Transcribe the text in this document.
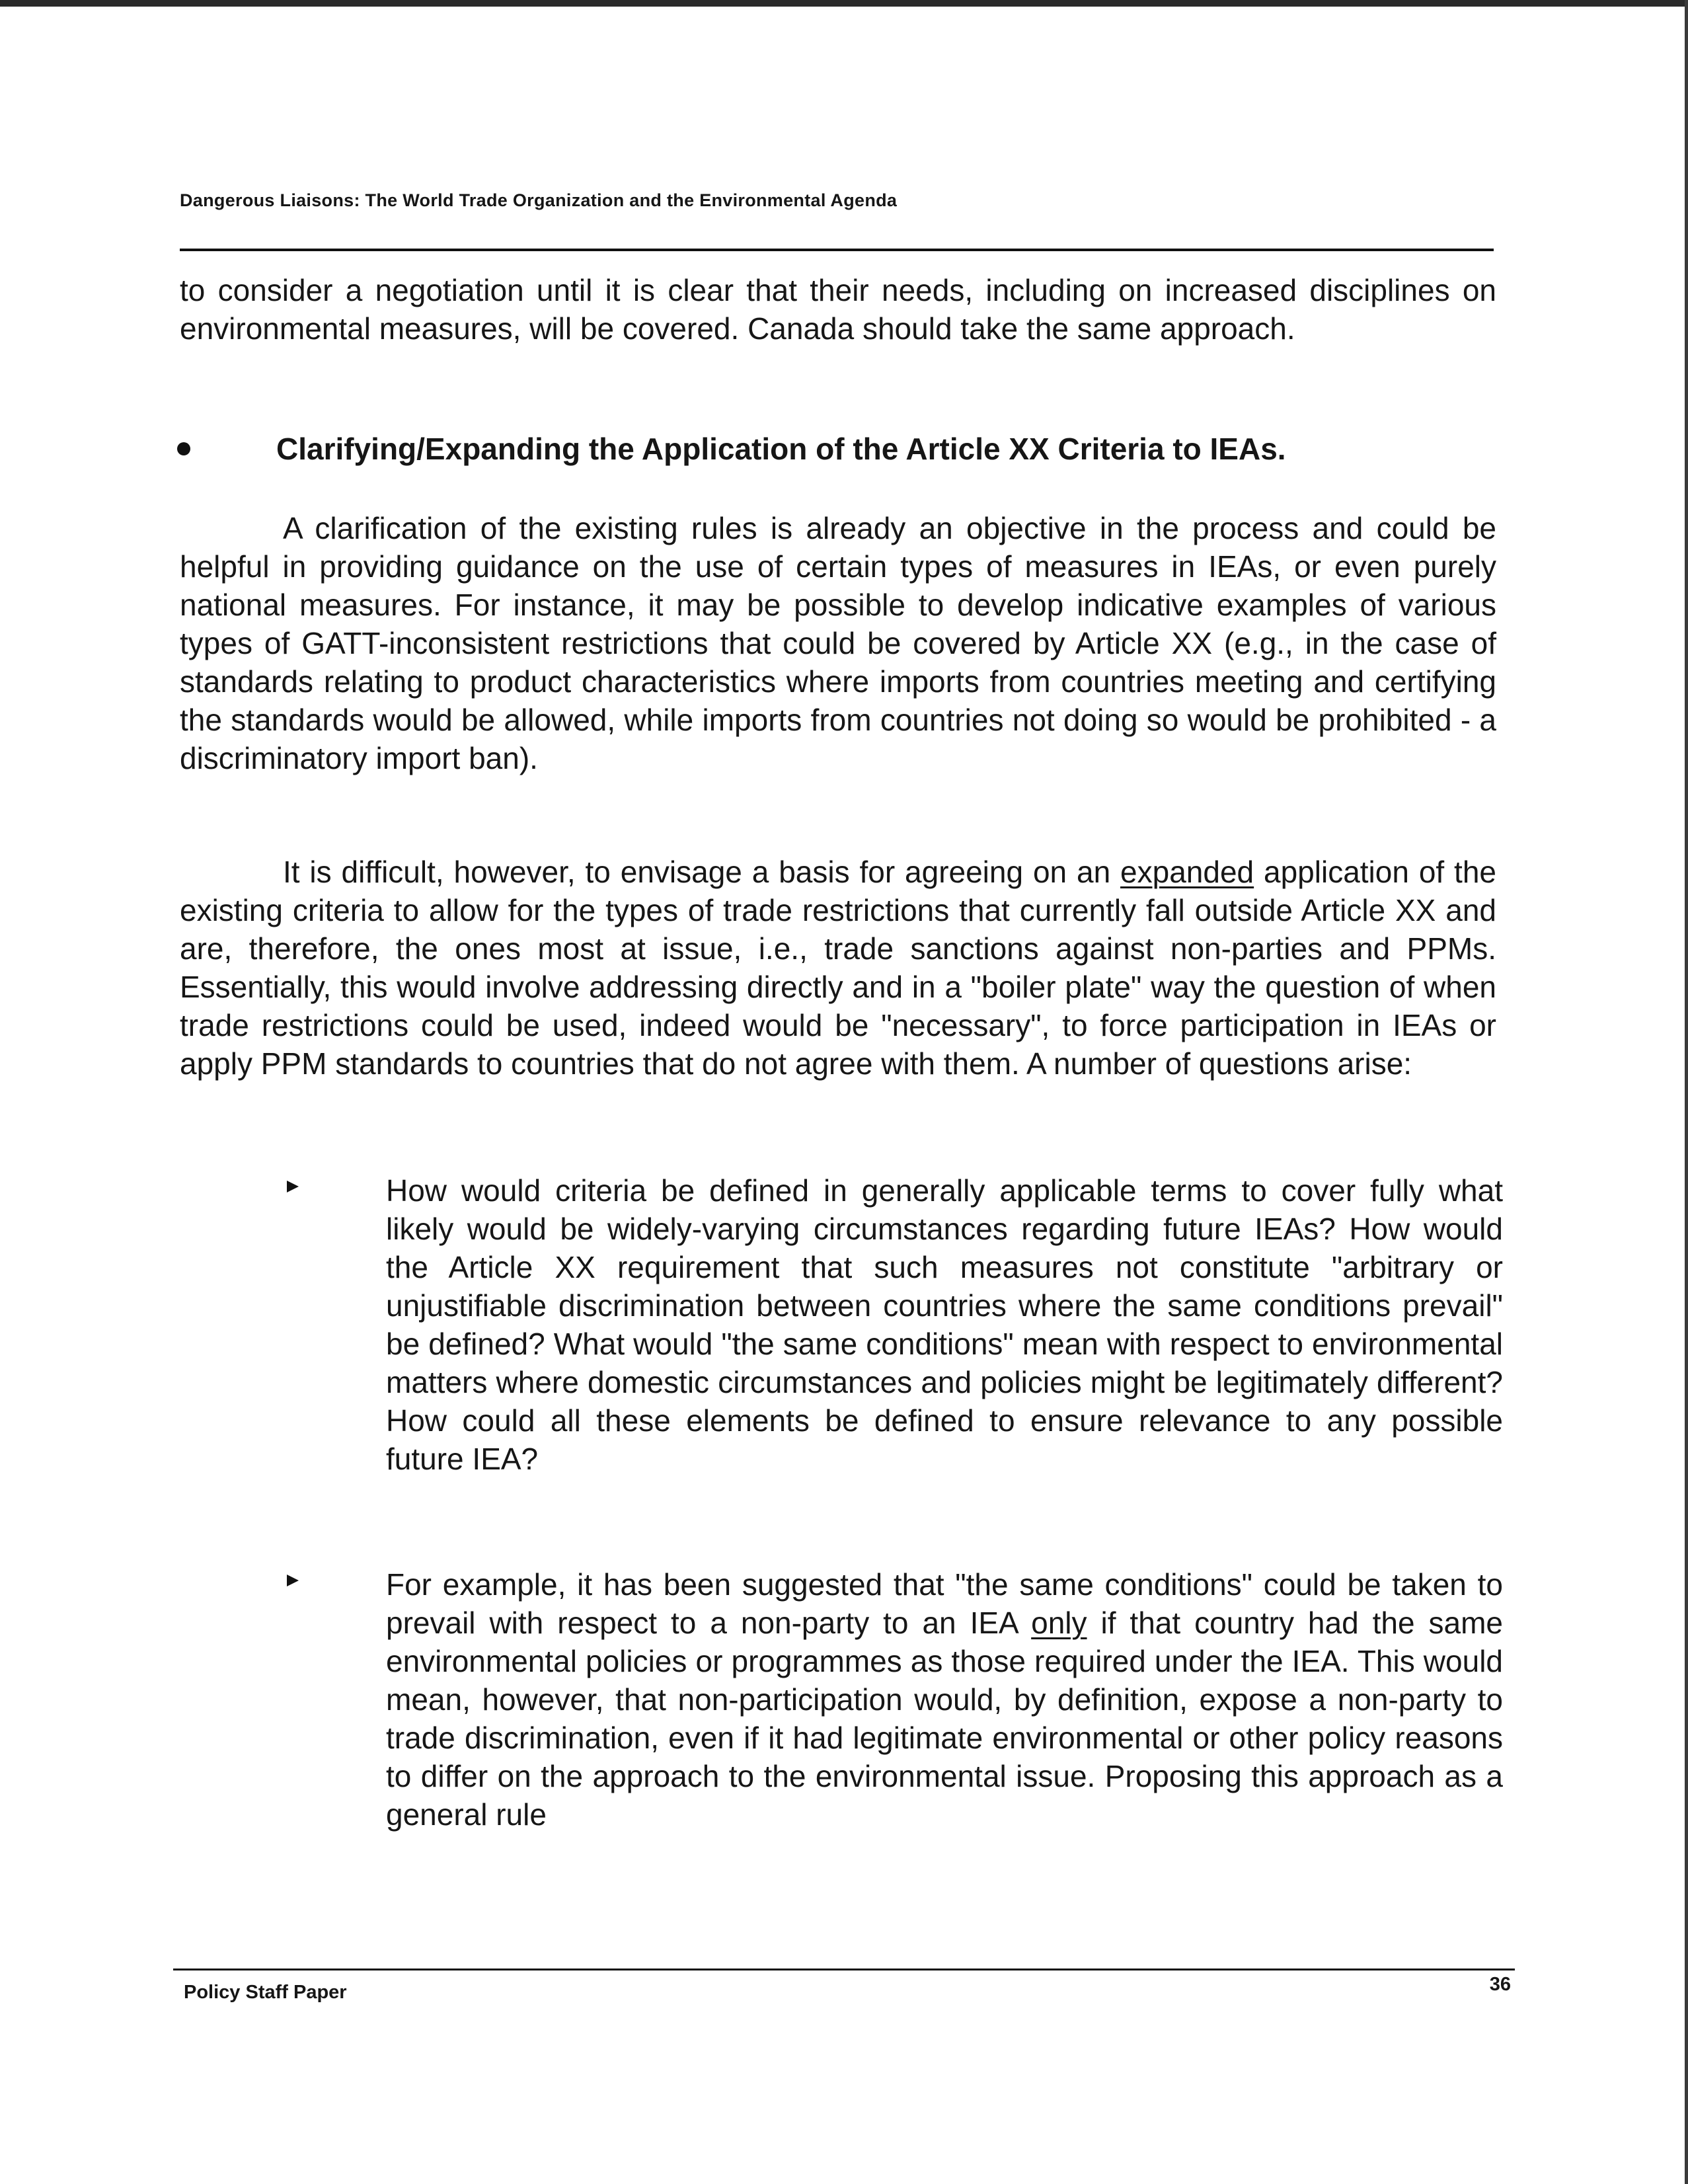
Dangerous Liaisons: The World Trade Organization and the Environmental Agenda

to consider a negotiation until it is clear that their needs, including on increased disciplines on environmental measures, will be covered. Canada should take the same approach.

Clarifying/Expanding the Application of the Article XX Criteria to IEAs.

A clarification of the existing rules is already an objective in the process and could be helpful in providing guidance on the use of certain types of measures in IEAs, or even purely national measures. For instance, it may be possible to develop indicative examples of various types of GATT-inconsistent restrictions that could be covered by Article XX (e.g., in the case of standards relating to product characteristics where imports from countries meeting and certifying the standards would be allowed, while imports from countries not doing so would be prohibited - a discriminatory import ban).

It is difficult, however, to envisage a basis for agreeing on an expanded application of the existing criteria to allow for the types of trade restrictions that currently fall outside Article XX and are, therefore, the ones most at issue, i.e., trade sanctions against non-parties and PPMs. Essentially, this would involve addressing directly and in a "boiler plate" way the question of when trade restrictions could be used, indeed would be "necessary", to force participation in IEAs or apply PPM standards to countries that do not agree with them. A number of questions arise:

How would criteria be defined in generally applicable terms to cover fully what likely would be widely-varying circumstances regarding future IEAs? How would the Article XX requirement that such measures not constitute "arbitrary or unjustifiable discrimination between countries where the same conditions prevail" be defined? What would "the same conditions" mean with respect to environmental matters where domestic circumstances and policies might be legitimately different? How could all these elements be defined to ensure relevance to any possible future IEA?
For example, it has been suggested that "the same conditions" could be taken to prevail with respect to a non-party to an IEA only if that country had the same environmental policies or programmes as those required under the IEA. This would mean, however, that non-participation would, by definition, expose a non-party to trade discrimination, even if it had legitimate environmental or other policy reasons to differ on the approach to the environmental issue. Proposing this approach as a general rule
Policy Staff Paper	36
